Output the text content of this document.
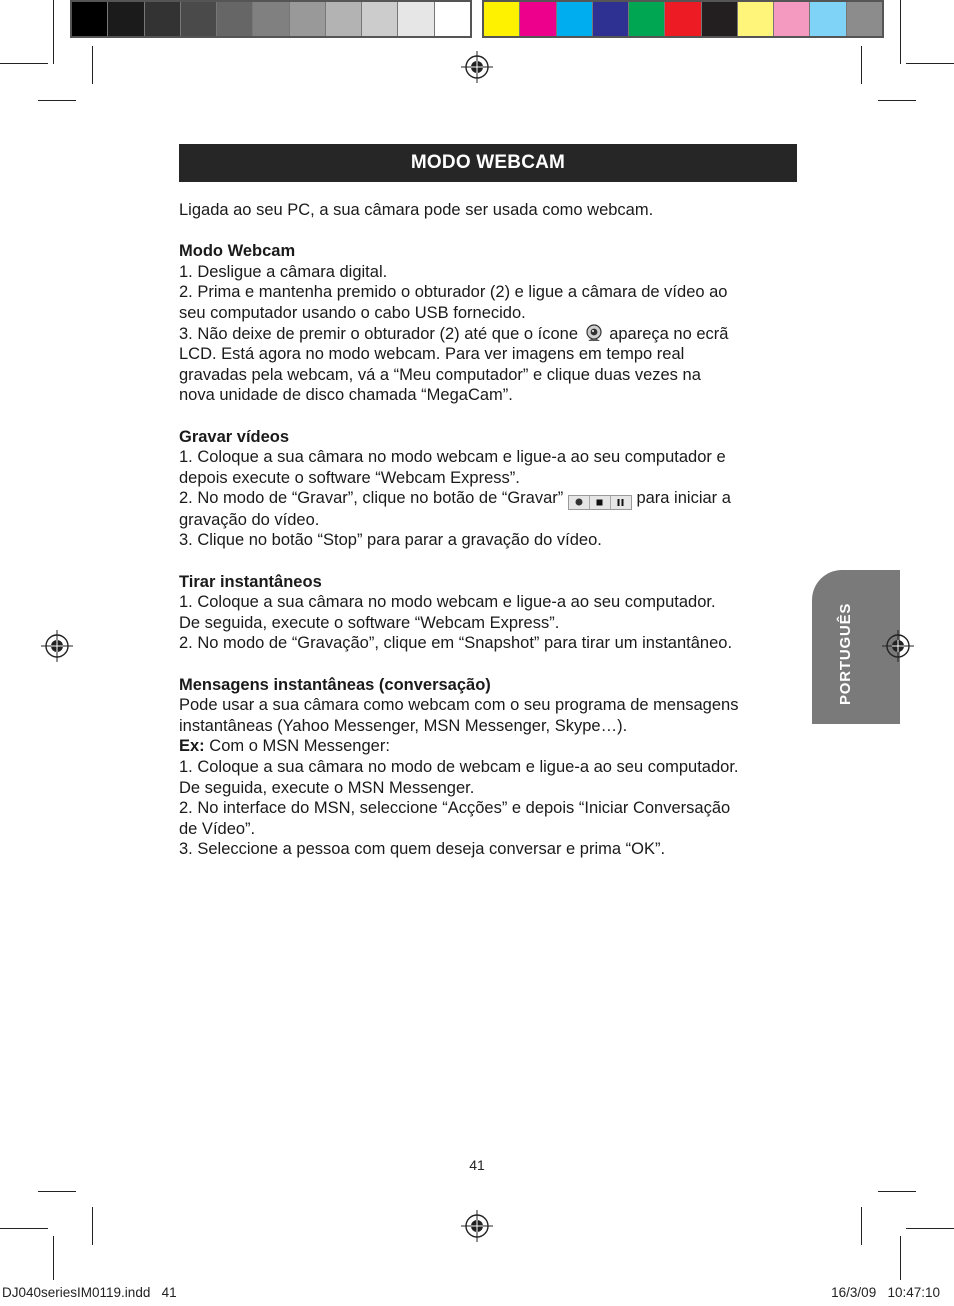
MODO WEBCAM

Ligada ao seu PC, a sua câmara pode ser usada como webcam.

Modo Webcam

1. Desligue a câmara digital.

2. Prima e mantenha premido o obturador (2) e ligue a câmara de vídeo ao

seu computador usando o cabo USB fornecido.

3. Não deixe de premir o obturador (2) até que o ícone apareça no ecrã

LCD. Está agora no modo webcam. Para ver imagens em tempo real

gravadas pela webcam, vá a “Meu computador” e clique duas vezes na

nova unidade de disco chamada “MegaCam”.

Gravar vídeos

1. Coloque a sua câmara no modo webcam e ligue-a ao seu computador e

depois execute o software “Webcam Express”.

2. No modo de “Gravar”, clique no botão de “Gravar”	para iniciar a

gravação do vídeo.

3. Clique no botão “Stop” para parar a gravação do vídeo.

Tirar instantâneos

1. Coloque a sua câmara no modo webcam e ligue-a ao seu computador.

De seguida, execute o software “Webcam Express”.

2. No modo de “Gravação”, clique em “Snapshot” para tirar um instantâneo.

Mensagens instantâneas (conversação)

Pode usar a sua câmara como webcam com o seu programa de mensagens

instantâneas (Yahoo Messenger, MSN Messenger, Skype…).

Ex: Com o MSN Messenger:

1. Coloque a sua câmara no modo de webcam e ligue-a ao seu computador.

De seguida, execute o MSN Messenger.

2. No interface do MSN, seleccione “Acções” e depois “Iniciar Conversação

de Vídeo”.

3. Seleccione a pessoa com quem deseja conversar e prima “OK”.

PORTUGUÊS
41
DJ040seriesIM0119.indd   41	16/3/09   10:47:10
